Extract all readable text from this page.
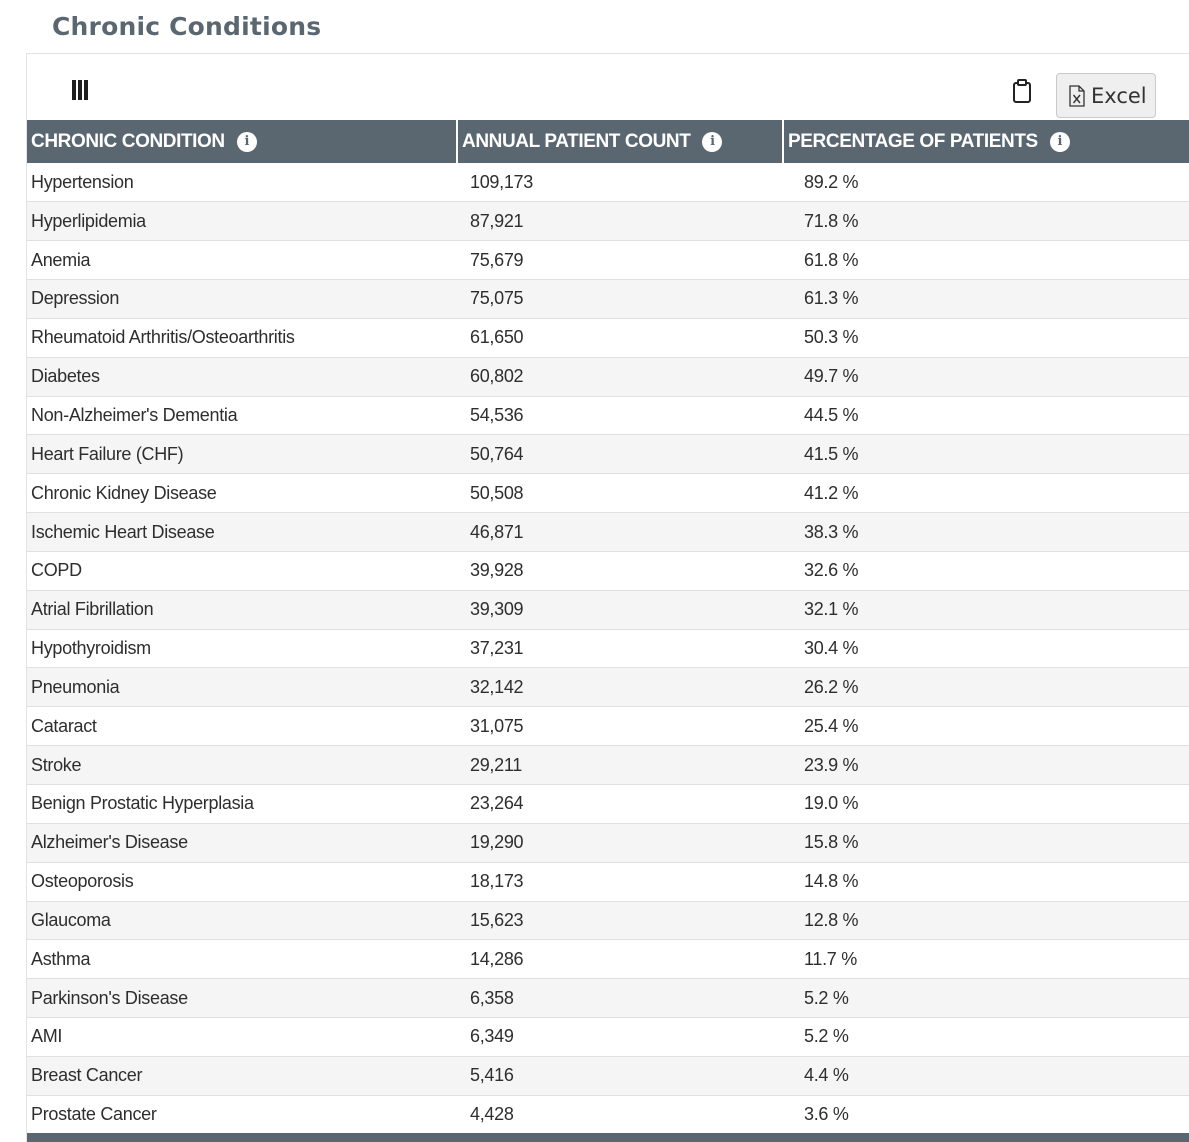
Chronic Conditions
Excel
CHRONIC CONDITION i	ANNUAL PATIENT COUNT i	PERCENTAGE OF PATIENTS i

Hypertension	109,173	89.2 %
Hyperlipidemia	87,921	71.8 %
Anemia	75,679	61.8 %
Depression	75,075	61.3 %
Rheumatoid Arthritis/Osteoarthritis	61,650	50.3 %
Diabetes	60,802	49.7 %
Non-Alzheimer's Dementia	54,536	44.5 %
Heart Failure (CHF)	50,764	41.5 %
Chronic Kidney Disease	50,508	41.2 %
Ischemic Heart Disease	46,871	38.3 %
COPD	39,928	32.6 %
Atrial Fibrillation	39,309	32.1 %
Hypothyroidism	37,231	30.4 %
Pneumonia	32,142	26.2 %
Cataract	31,075	25.4 %
Stroke	29,211	23.9 %
Benign Prostatic Hyperplasia	23,264	19.0 %
Alzheimer's Disease	19,290	15.8 %
Osteoporosis	18,173	14.8 %
Glaucoma	15,623	12.8 %
Asthma	14,286	11.7 %
Parkinson's Disease	6,358	5.2 %
AMI	6,349	5.2 %
Breast Cancer	5,416	4.4 %
Prostate Cancer	4,428	3.6 %
